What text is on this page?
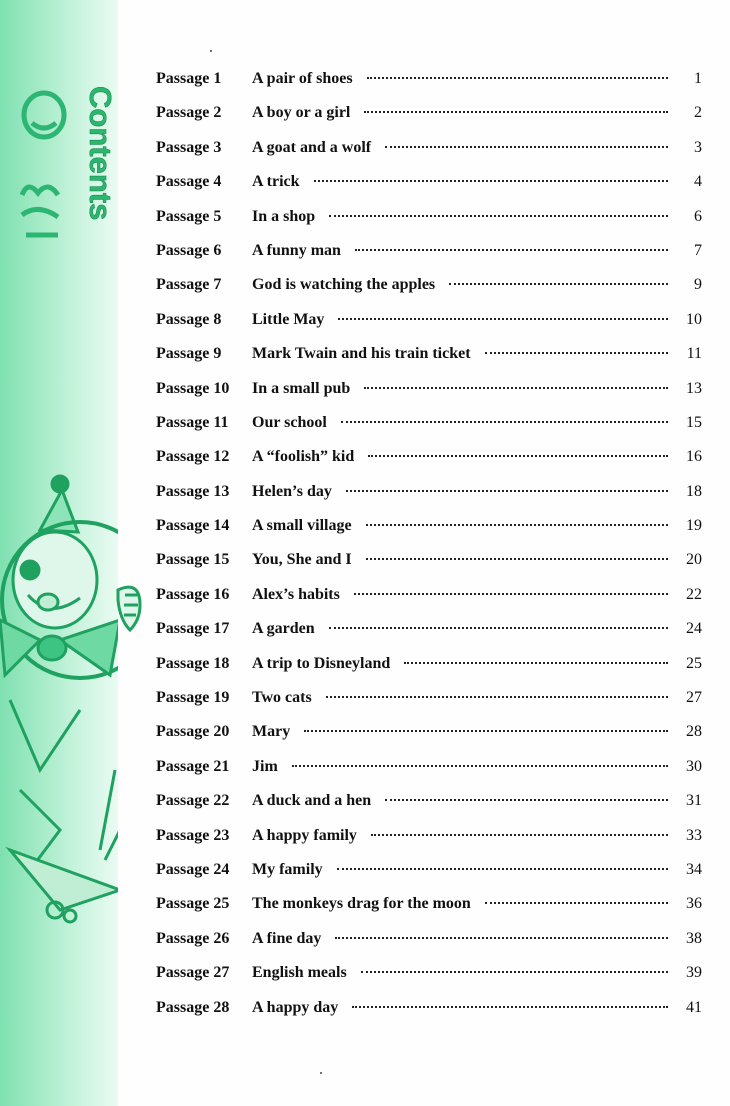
Contents
Passage 1	A pair of shoes	1
Passage 2	A boy or a girl	2
Passage 3	A goat and a wolf	3
Passage 4	A trick	4
Passage 5	In a shop	6
Passage 6	A funny man	7
Passage 7	God is watching the apples	9
Passage 8	Little May	10
Passage 9	Mark Twain and his train ticket	11
Passage 10	In a small pub	13
Passage 11	Our school	15
Passage 12	A “foolish” kid	16
Passage 13	Helen’s day	18
Passage 14	A small village	19
Passage 15	You, She and I	20
Passage 16	Alex’s habits	22
Passage 17	A garden	24
Passage 18	A trip to Disneyland	25
Passage 19	Two cats	27
Passage 20	Mary	28
Passage 21	Jim	30
Passage 22	A duck and a hen	31
Passage 23	A happy family	33
Passage 24	My family	34
Passage 25	The monkeys drag for the moon	36
Passage 26	A fine day	38
Passage 27	English meals	39
Passage 28	A happy day	41
